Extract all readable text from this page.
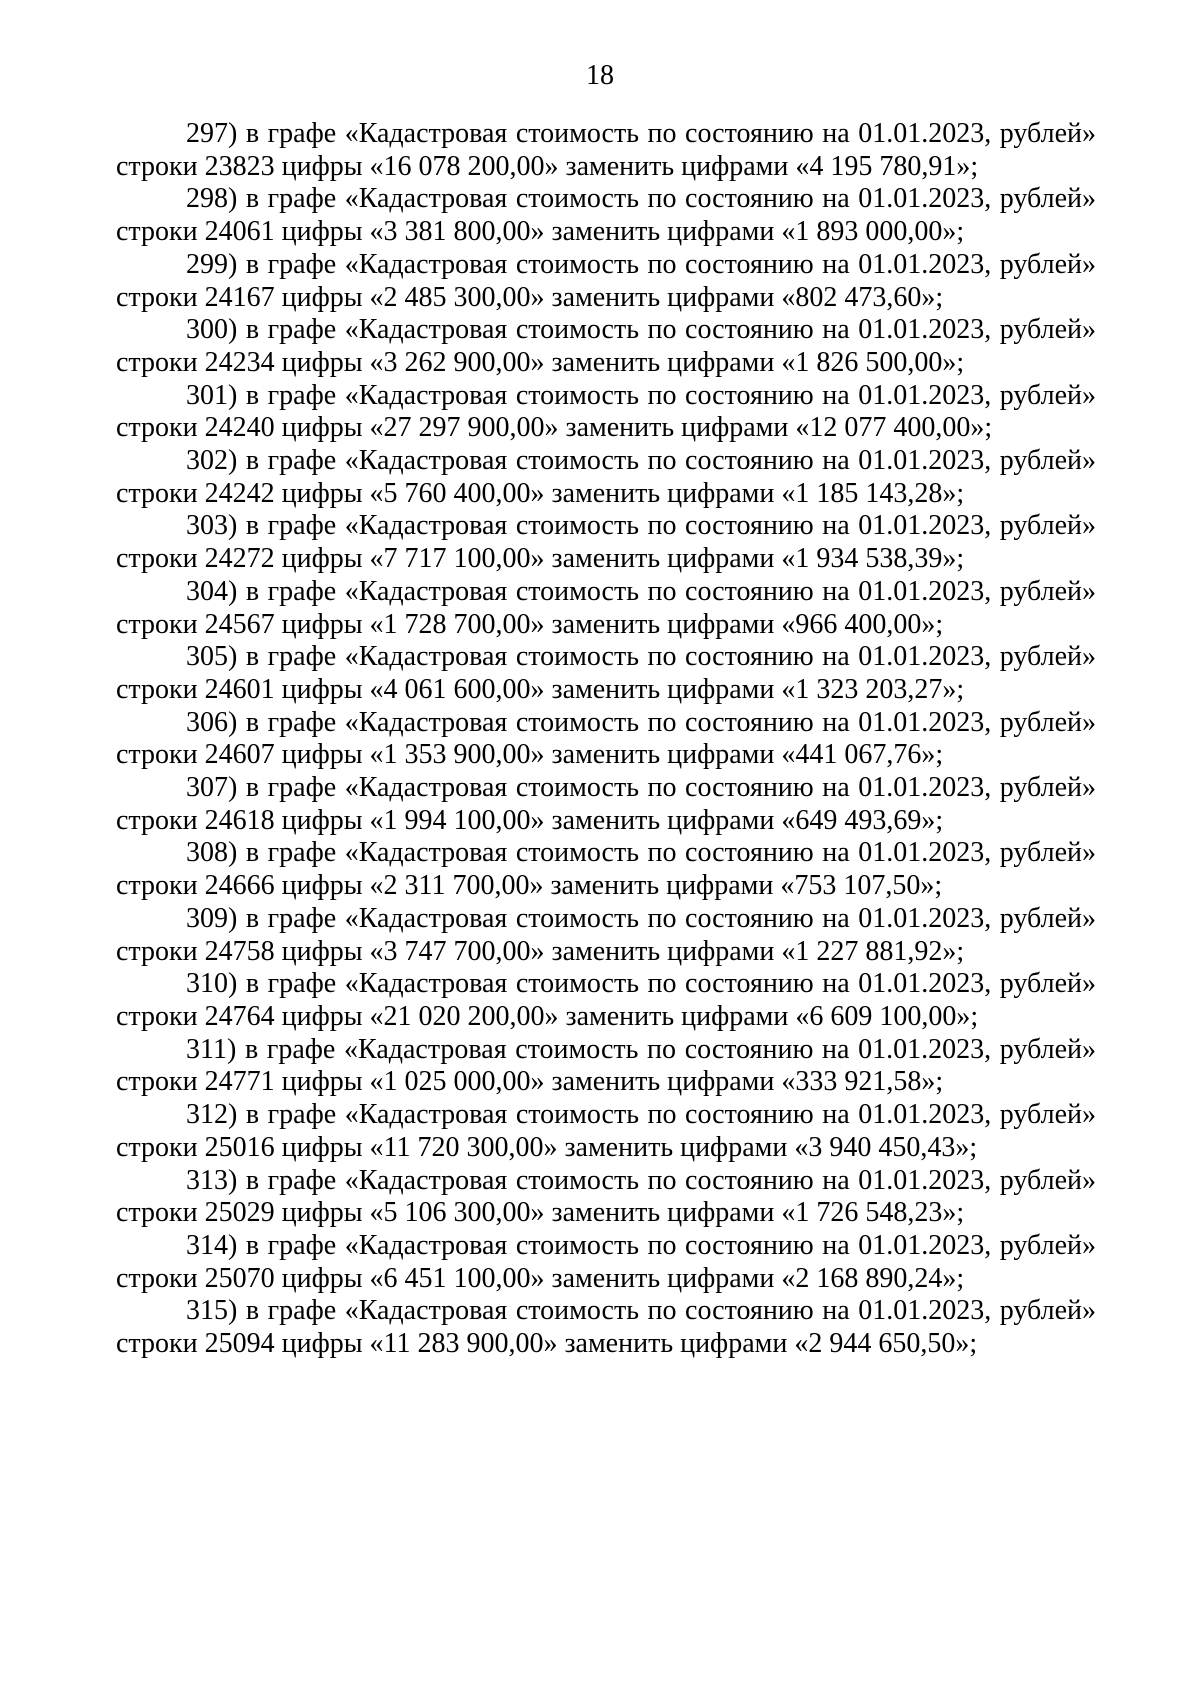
18

297) в графе «Кадастровая стоимость по состоянию на 01.01.2023, рублей» строки 23823 цифры «16 078 200,00» заменить цифрами «4 195 780,91»;

298) в графе «Кадастровая стоимость по состоянию на 01.01.2023, рублей» строки 24061 цифры «3 381 800,00» заменить цифрами «1 893 000,00»;

299) в графе «Кадастровая стоимость по состоянию на 01.01.2023, рублей» строки 24167 цифры «2 485 300,00» заменить цифрами «802 473,60»;

300) в графе «Кадастровая стоимость по состоянию на 01.01.2023, рублей» строки 24234 цифры «3 262 900,00» заменить цифрами «1 826 500,00»;

301) в графе «Кадастровая стоимость по состоянию на 01.01.2023, рублей» строки 24240 цифры «27 297 900,00» заменить цифрами «12 077 400,00»;

302) в графе «Кадастровая стоимость по состоянию на 01.01.2023, рублей» строки 24242 цифры «5 760 400,00» заменить цифрами «1 185 143,28»;

303) в графе «Кадастровая стоимость по состоянию на 01.01.2023, рублей» строки 24272 цифры «7 717 100,00» заменить цифрами «1 934 538,39»;

304) в графе «Кадастровая стоимость по состоянию на 01.01.2023, рублей» строки 24567 цифры «1 728 700,00» заменить цифрами «966 400,00»;

305) в графе «Кадастровая стоимость по состоянию на 01.01.2023, рублей» строки 24601 цифры «4 061 600,00» заменить цифрами «1 323 203,27»;

306) в графе «Кадастровая стоимость по состоянию на 01.01.2023, рублей» строки 24607 цифры «1 353 900,00» заменить цифрами «441 067,76»;

307) в графе «Кадастровая стоимость по состоянию на 01.01.2023, рублей» строки 24618 цифры «1 994 100,00» заменить цифрами «649 493,69»;

308) в графе «Кадастровая стоимость по состоянию на 01.01.2023, рублей» строки 24666 цифры «2 311 700,00» заменить цифрами «753 107,50»;

309) в графе «Кадастровая стоимость по состоянию на 01.01.2023, рублей» строки 24758 цифры «3 747 700,00» заменить цифрами «1 227 881,92»;

310) в графе «Кадастровая стоимость по состоянию на 01.01.2023, рублей» строки 24764 цифры «21 020 200,00» заменить цифрами «6 609 100,00»;

311) в графе «Кадастровая стоимость по состоянию на 01.01.2023, рублей» строки 24771 цифры «1 025 000,00» заменить цифрами «333 921,58»;

312) в графе «Кадастровая стоимость по состоянию на 01.01.2023, рублей» строки 25016 цифры «11 720 300,00» заменить цифрами «3 940 450,43»;

313) в графе «Кадастровая стоимость по состоянию на 01.01.2023, рублей» строки 25029 цифры «5 106 300,00» заменить цифрами «1 726 548,23»;

314) в графе «Кадастровая стоимость по состоянию на 01.01.2023, рублей» строки 25070 цифры «6 451 100,00» заменить цифрами «2 168 890,24»;

315) в графе «Кадастровая стоимость по состоянию на 01.01.2023, рублей» строки 25094 цифры «11 283 900,00» заменить цифрами «2 944 650,50»;
